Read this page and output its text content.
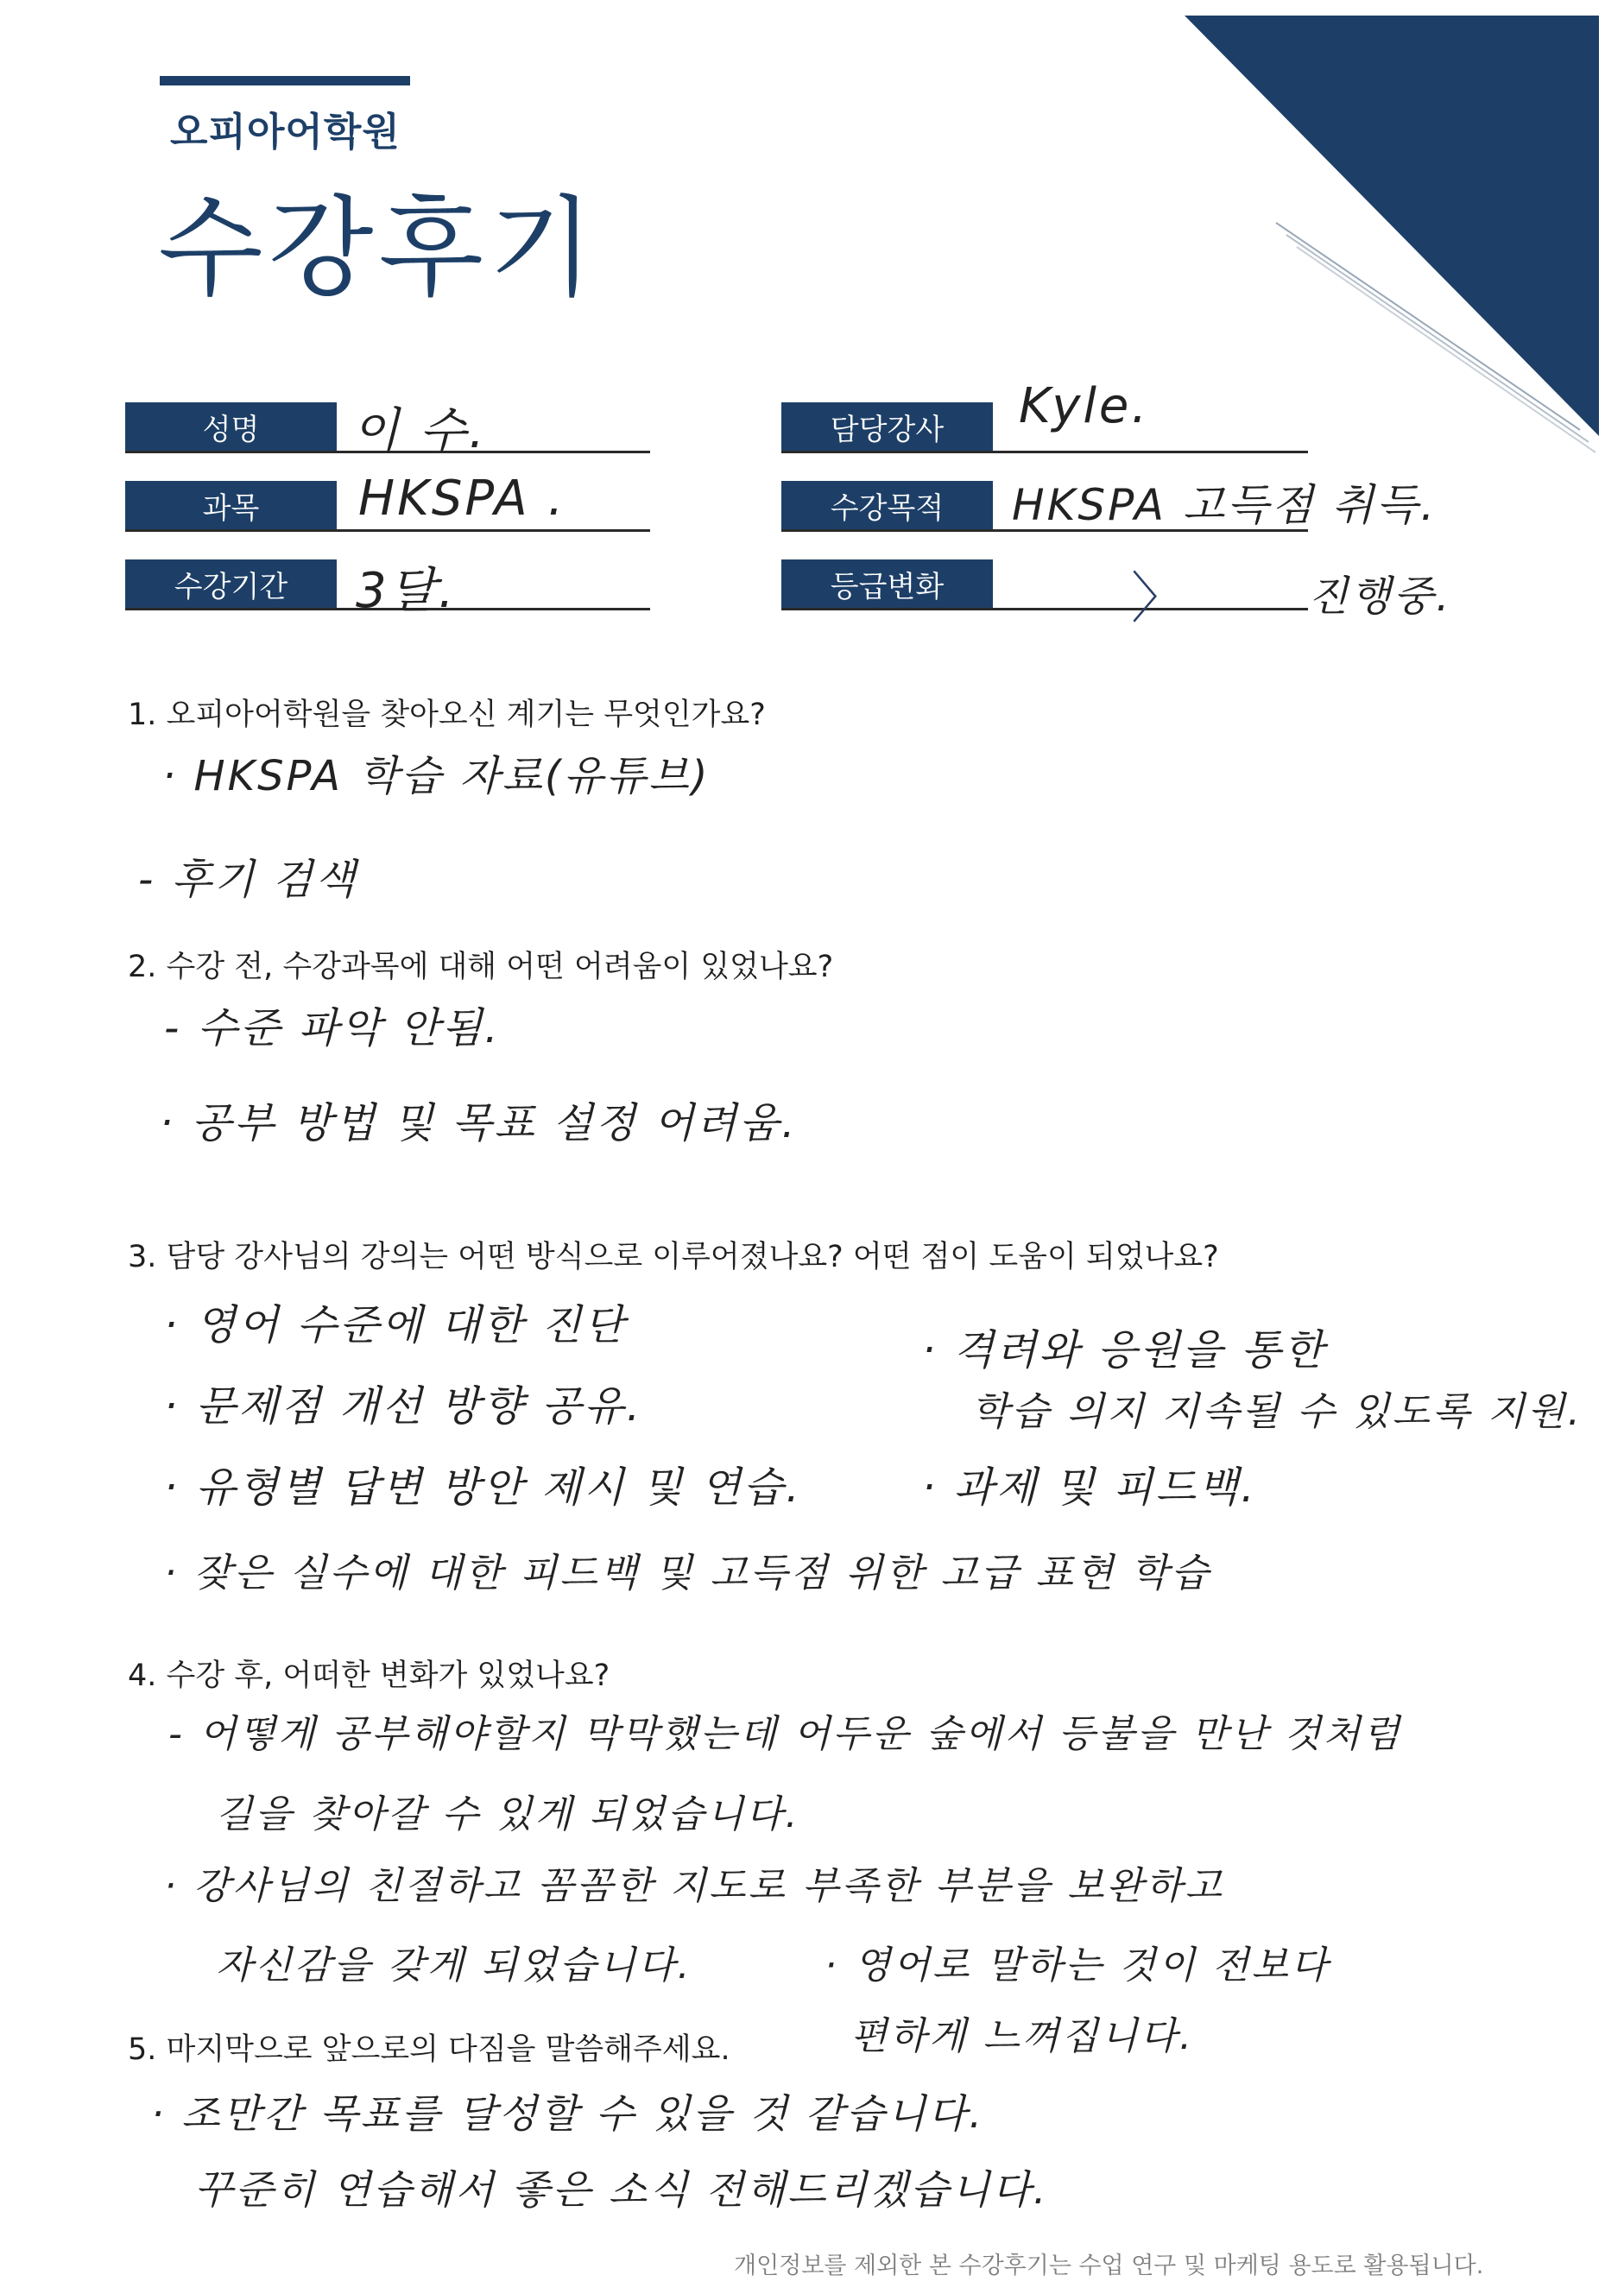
오피아어학원
수강후기
성명	이 수.	담당강사	Kyle.
과목	HKSPA .	수강목적	HKSPA 고득점 취득.
수강기간	3달.	등급변화	〉	진행중.
1. 오피아어학원을 찾아오신 계기는 무엇인가요?
· HKSPA 학습 자료(유튜브)
- 후기 검색
2. 수강 전, 수강과목에 대해 어떤 어려움이 있었나요?
- 수준 파악 안됨.
· 공부 방법 및 목표 설정 어려움.
3. 담당 강사님의 강의는 어떤 방식으로 이루어졌나요? 어떤 점이 도움이 되었나요?
· 영어 수준에 대한 진단
· 문제점 개선 방향 공유.
· 유형별 답변 방안 제시 및 연습.
· 잦은 실수에 대한 피드백 및 고득점 위한 고급 표현 학습
· 격려와 응원을 통한
학습 의지 지속될 수 있도록 지원.
· 과제 및 피드백.
4. 수강 후, 어떠한 변화가 있었나요?
- 어떻게 공부해야할지 막막했는데 어두운 숲에서 등불을 만난 것처럼
길을 찾아갈 수 있게 되었습니다.
· 강사님의 친절하고 꼼꼼한 지도로 부족한 부분을 보완하고
자신감을 갖게 되었습니다.	· 영어로 말하는 것이 전보다
편하게 느껴집니다.
5. 마지막으로 앞으로의 다짐을 말씀해주세요.
· 조만간 목표를 달성할 수 있을 것 같습니다.
꾸준히 연습해서 좋은 소식 전해드리겠습니다.
개인정보를 제외한 본 수강후기는 수업 연구 및 마케팅 용도로 활용됩니다.
